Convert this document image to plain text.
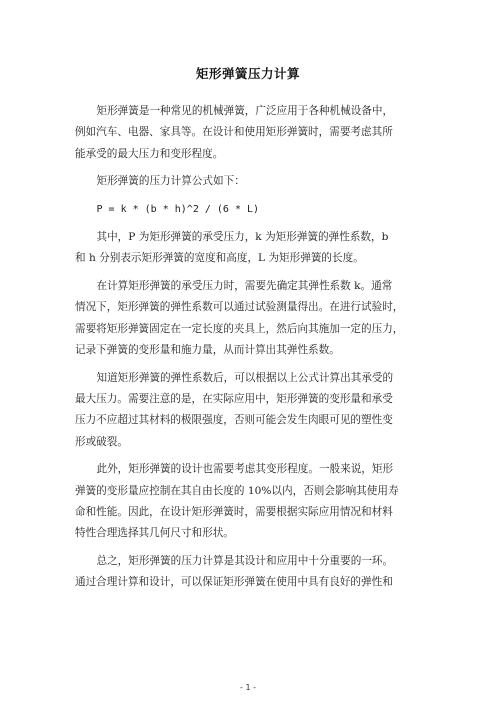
矩形弹簧压力计算
矩形弹簧是一种常见的机械弹簧，广泛应用于各种机械设备中，
例如汽车、电器、家具等。在设计和使用矩形弹簧时，需要考虑其所
能承受的最大压力和变形程度。
矩形弹簧的压力计算公式如下：
P = k * (b * h)^2 / (6 * L)
其中，P 为矩形弹簧的承受压力，k 为矩形弹簧的弹性系数，b
和 h 分别表示矩形弹簧的宽度和高度，L 为矩形弹簧的长度。
在计算矩形弹簧的承受压力时，需要先确定其弹性系数 k。通常
情况下，矩形弹簧的弹性系数可以通过试验测量得出。在进行试验时，
需要将矩形弹簧固定在一定长度的夹具上，然后向其施加一定的压力，
记录下弹簧的变形量和施力量，从而计算出其弹性系数。
知道矩形弹簧的弹性系数后，可以根据以上公式计算出其承受的
最大压力。需要注意的是，在实际应用中，矩形弹簧的变形量和承受
压力不应超过其材料的极限强度，否则可能会发生肉眼可见的塑性变
形或破裂。
此外，矩形弹簧的设计也需要考虑其变形程度。一般来说，矩形
弹簧的变形量应控制在其自由长度的 10%以内，否则会影响其使用寿
命和性能。因此，在设计矩形弹簧时，需要根据实际应用情况和材料
特性合理选择其几何尺寸和形状。
总之，矩形弹簧的压力计算是其设计和应用中十分重要的一环。
通过合理计算和设计，可以保证矩形弹簧在使用中具有良好的弹性和
- 1 -
